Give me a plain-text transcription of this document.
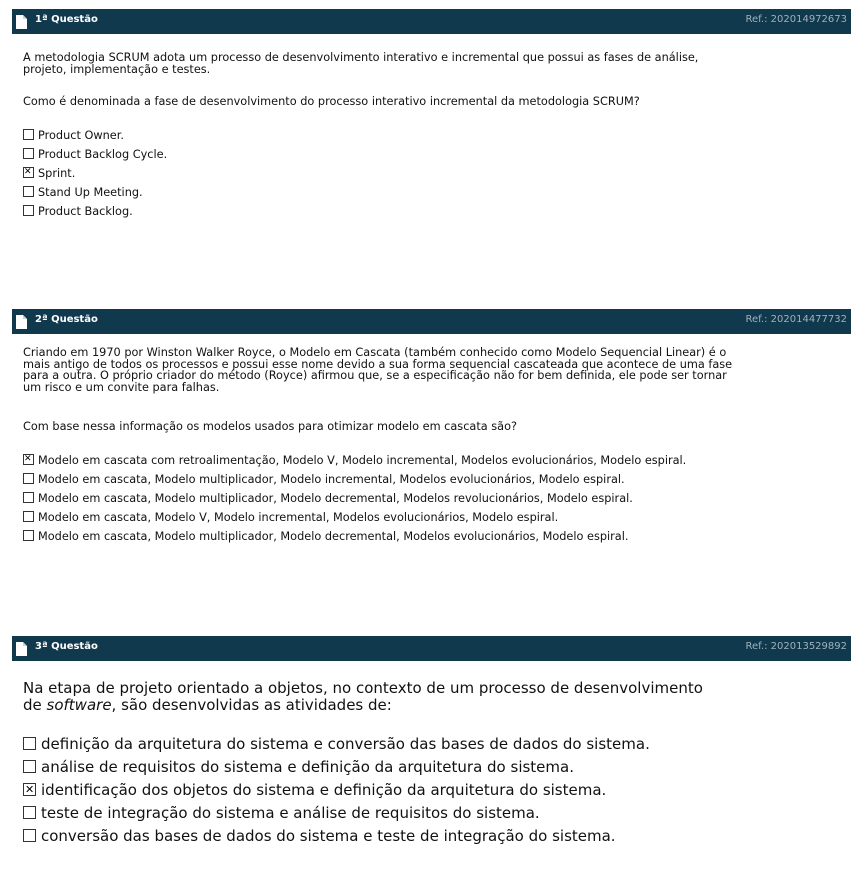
1ª Questão	Ref.: 202014972673
A metodologia SCRUM adota um processo de desenvolvimento interativo e incremental que possui as fases de análise,
projeto, implementação e testes.
Como é denominada a fase de desenvolvimento do processo interativo incremental da metodologia SCRUM?
Product Owner.
Product Backlog Cycle.
✕Sprint.
Stand Up Meeting.
Product Backlog.
2ª Questão	Ref.: 202014477732
Criando em 1970 por Winston Walker Royce, o Modelo em Cascata (também conhecido como Modelo Sequencial Linear) é o
mais antigo de todos os processos e possui esse nome devido a sua forma sequencial cascateada que acontece de uma fase
para a outra. O próprio criador do método (Royce) afirmou que, se a especificação não for bem definida, ele pode ser tornar
um risco e um convite para falhas.
Com base nessa informação os modelos usados para otimizar modelo em cascata são?
✕Modelo em cascata com retroalimentação, Modelo V, Modelo incremental, Modelos evolucionários, Modelo espiral.
Modelo em cascata, Modelo multiplicador, Modelo incremental, Modelos evolucionários, Modelo espiral.
Modelo em cascata, Modelo multiplicador, Modelo decremental, Modelos revolucionários, Modelo espiral.
Modelo em cascata, Modelo V, Modelo incremental, Modelos evolucionários, Modelo espiral.
Modelo em cascata, Modelo multiplicador, Modelo decremental, Modelos evolucionários, Modelo espiral.
3ª Questão	Ref.: 202013529892
Na etapa de projeto orientado a objetos, no contexto de um processo de desenvolvimento
de software, são desenvolvidas as atividades de:
definição da arquitetura do sistema e conversão das bases de dados do sistema.
análise de requisitos do sistema e definição da arquitetura do sistema.
✕identificação dos objetos do sistema e definição da arquitetura do sistema.
teste de integração do sistema e análise de requisitos do sistema.
conversão das bases de dados do sistema e teste de integração do sistema.
